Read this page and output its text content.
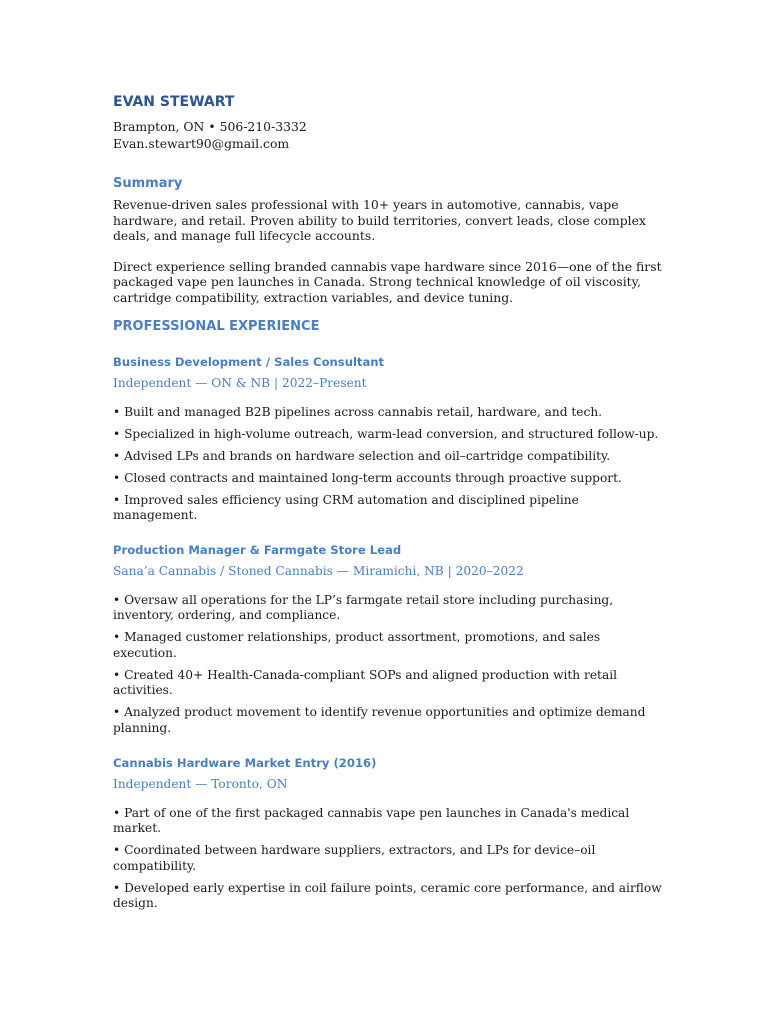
EVAN STEWART
Brampton, ON • 506-210-3332
Evan.stewart90@gmail.com
Summary

Revenue-driven sales professional with 10+ years in automotive, cannabis, vape hardware, and retail. Proven ability to build territories, convert leads, close complex deals, and manage full lifecycle accounts.

Direct experience selling branded cannabis vape hardware since 2016—one of the first packaged vape pen launches in Canada. Strong technical knowledge of oil viscosity, cartridge compatibility, extraction variables, and device tuning.

PROFESSIONAL EXPERIENCE
Business Development / Sales Consultant
Independent — ON & NB | 2022–Present
• Built and managed B2B pipelines across cannabis retail, hardware, and tech.
• Specialized in high-volume outreach, warm-lead conversion, and structured follow-up.
• Advised LPs and brands on hardware selection and oil–cartridge compatibility.
• Closed contracts and maintained long-term accounts through proactive support.
• Improved sales efficiency using CRM automation and disciplined pipeline management.
Production Manager & Farmgate Store Lead
Sana’a Cannabis / Stoned Cannabis — Miramichi, NB | 2020–2022
• Oversaw all operations for the LP’s farmgate retail store including purchasing, inventory, ordering, and compliance.
• Managed customer relationships, product assortment, promotions, and sales execution.
• Created 40+ Health-Canada-compliant SOPs and aligned production with retail activities.
• Analyzed product movement to identify revenue opportunities and optimize demand planning.
Cannabis Hardware Market Entry (2016)
Independent — Toronto, ON
• Part of one of the first packaged cannabis vape pen launches in Canada's medical market.
• Coordinated between hardware suppliers, extractors, and LPs for device–oil compatibility.
• Developed early expertise in coil failure points, ceramic core performance, and airflow design.
